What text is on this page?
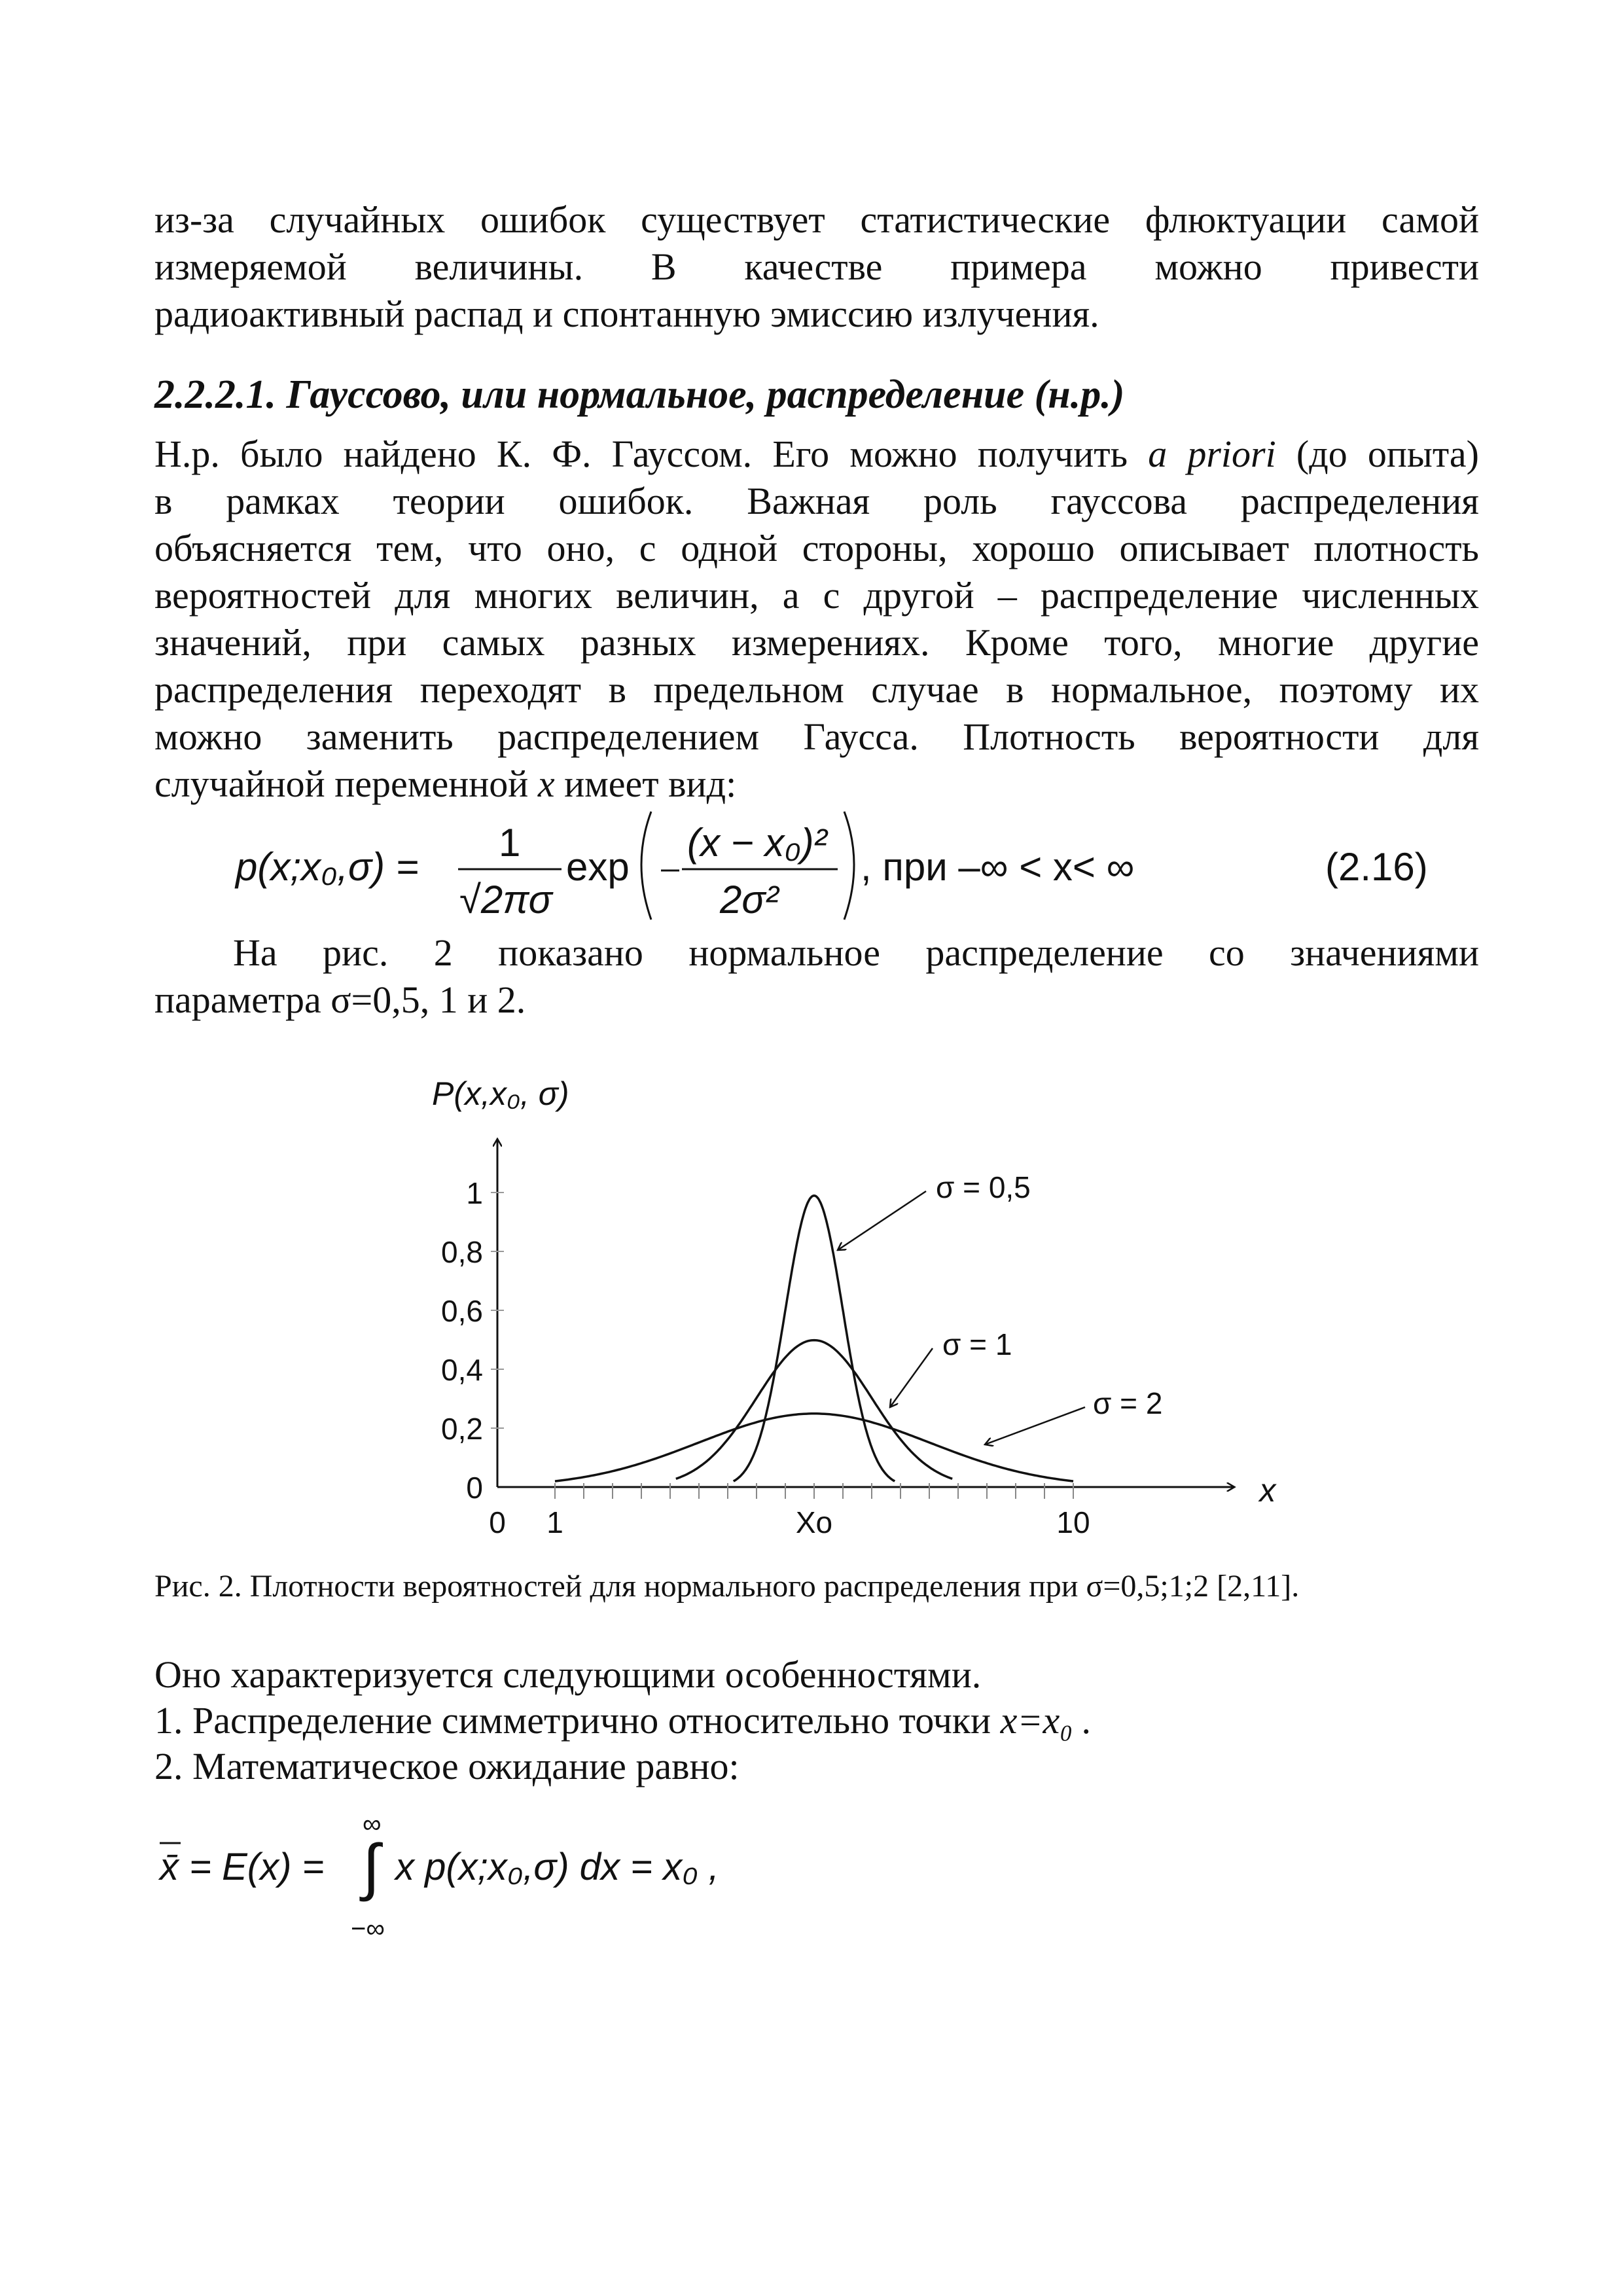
из-за случайных ошибок существует статистические флюктуации самой
измеряемой величины. В качестве примера можно привести
радиоактивный распад и спонтанную эмиссию излучения.
2.2.2.1. Гауссово, или нормальное, распределение (н.р.)
Н.р. было найдено К. Ф. Гауссом. Его можно получить a priori (до опыта)
в рамках теории ошибок. Важная роль гауссова распределения
объясняется тем, что оно, с одной стороны, хорошо описывает плотность
вероятностей для многих величин, а с другой – распределение численных
значений, при самых разных измерениях. Кроме того, многие другие
распределения переходят в предельном случае в нормальное, поэтому их
можно заменить распределением Гаусса. Плотность вероятности для
случайной переменной x имеет вид:
p(x;x₀,σ) =
1
√2πσ
exp
(x − x₀)²
2σ²
, при –∞ < x< ∞	(2.16)
На рис. 2 показано нормальное распределение со значениями
параметра σ=0,5, 1 и 2.
0
0,2
0,4
0,6
0,8
1
0 1	Xo	10
P(x,x₀, σ)
x
σ = 0,5
σ = 1
σ = 2
Рис. 2. Плотности вероятностей для нормального распределения при σ=0,5;1;2 [2,11].
Оно характеризуется следующими особенностями.
1. Распределение симметрично относительно точки x=x₀ .
2. Математическое ожидание равно:
x̄ = E(x) =
∞
∫
−∞
x p(x;x₀,σ) dx = x₀ ,
